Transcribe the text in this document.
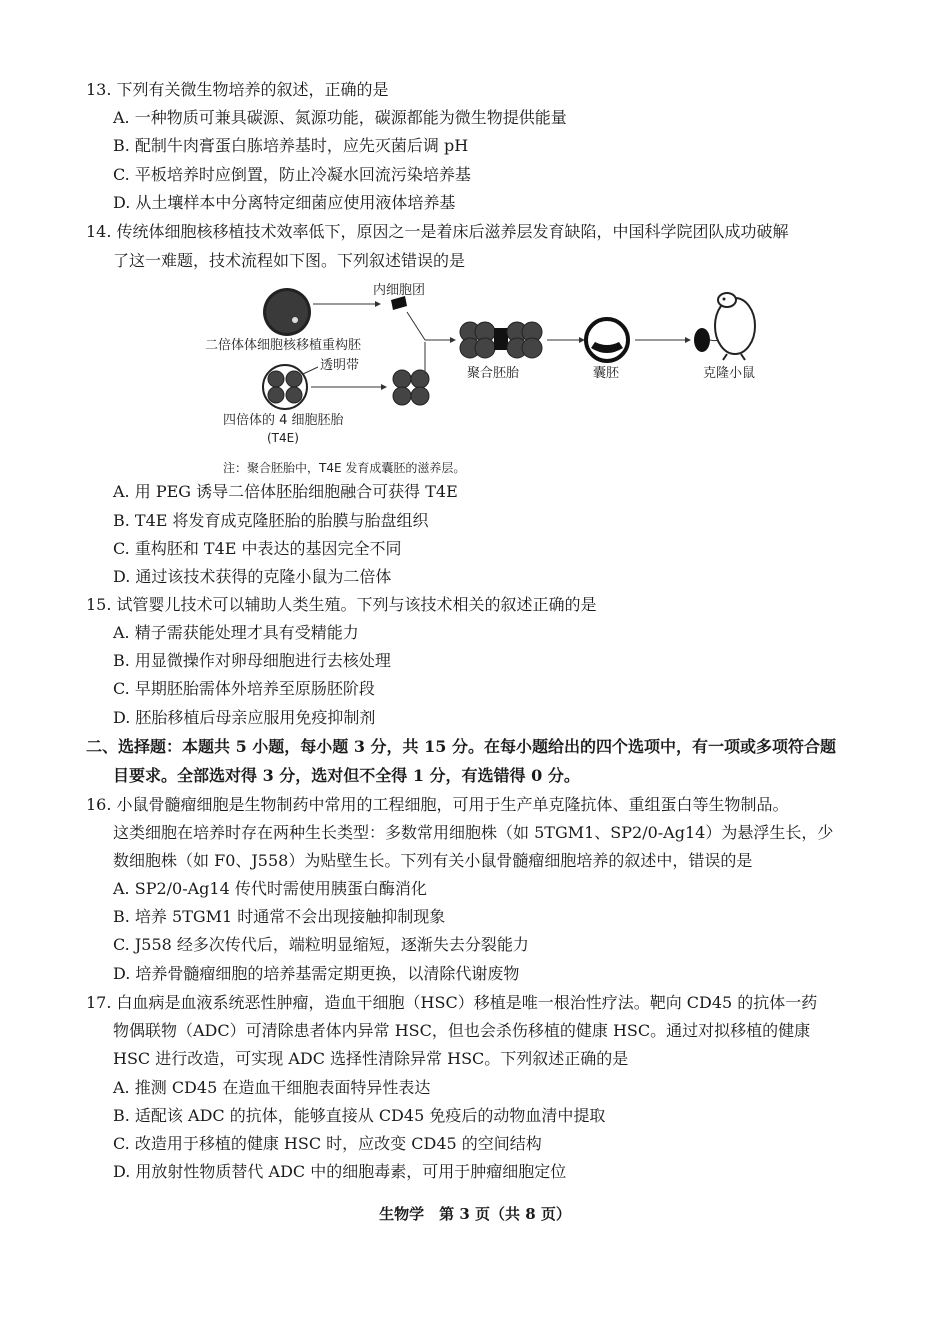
13. 下列有关微生物培养的叙述，正确的是
A. 一种物质可兼具碳源、氮源功能，碳源都能为微生物提供能量
B. 配制牛肉膏蛋白胨培养基时，应先灭菌后调 pH
C. 平板培养时应倒置，防止冷凝水回流污染培养基
D. 从土壤样本中分离特定细菌应使用液体培养基
14. 传统体细胞核移植技术效率低下，原因之一是着床后滋养层发育缺陷，中国科学院团队成功破解
了这一难题，技术流程如下图。下列叙述错误的是
二倍体体细胞核移植重构胚
内细胞团
透明带
四倍体的 4 细胞胚胎
(T4E)
聚合胚胎	囊胚	克隆小鼠
注：聚合胚胎中，T4E 发育成囊胚的滋养层。
A. 用 PEG 诱导二倍体胚胎细胞融合可获得 T4E
B. T4E 将发育成克隆胚胎的胎膜与胎盘组织
C. 重构胚和 T4E 中表达的基因完全不同
D. 通过该技术获得的克隆小鼠为二倍体
15. 试管婴儿技术可以辅助人类生殖。下列与该技术相关的叙述正确的是
A. 精子需获能处理才具有受精能力
B. 用显微操作对卵母细胞进行去核处理
C. 早期胚胎需体外培养至原肠胚阶段
D. 胚胎移植后母亲应服用免疫抑制剂
二、选择题：本题共 5 小题，每小题 3 分，共 15 分。在每小题给出的四个选项中，有一项或多项符合题
目要求。全部选对得 3 分，选对但不全得 1 分，有选错得 0 分。
16. 小鼠骨髓瘤细胞是生物制药中常用的工程细胞，可用于生产单克隆抗体、重组蛋白等生物制品。
这类细胞在培养时存在两种生长类型：多数常用细胞株（如 5TGM1、SP2/0-Ag14）为悬浮生长，少
数细胞株（如 F0、J558）为贴壁生长。下列有关小鼠骨髓瘤细胞培养的叙述中，错误的是
A. SP2/0-Ag14 传代时需使用胰蛋白酶消化
B. 培养 5TGM1 时通常不会出现接触抑制现象
C. J558 经多次传代后，端粒明显缩短，逐渐失去分裂能力
D. 培养骨髓瘤细胞的培养基需定期更换，以清除代谢废物
17. 白血病是血液系统恶性肿瘤，造血干细胞（HSC）移植是唯一根治性疗法。靶向 CD45 的抗体一药
物偶联物（ADC）可清除患者体内异常 HSC，但也会杀伤移植的健康 HSC。通过对拟移植的健康
HSC 进行改造，可实现 ADC 选择性清除异常 HSC。下列叙述正确的是
A. 推测 CD45 在造血干细胞表面特异性表达
B. 适配该 ADC 的抗体，能够直接从 CD45 免疫后的动物血清中提取
C. 改造用于移植的健康 HSC 时，应改变 CD45 的空间结构
D. 用放射性物质替代 ADC 中的细胞毒素，可用于肿瘤细胞定位
生物学　第 3 页（共 8 页）
